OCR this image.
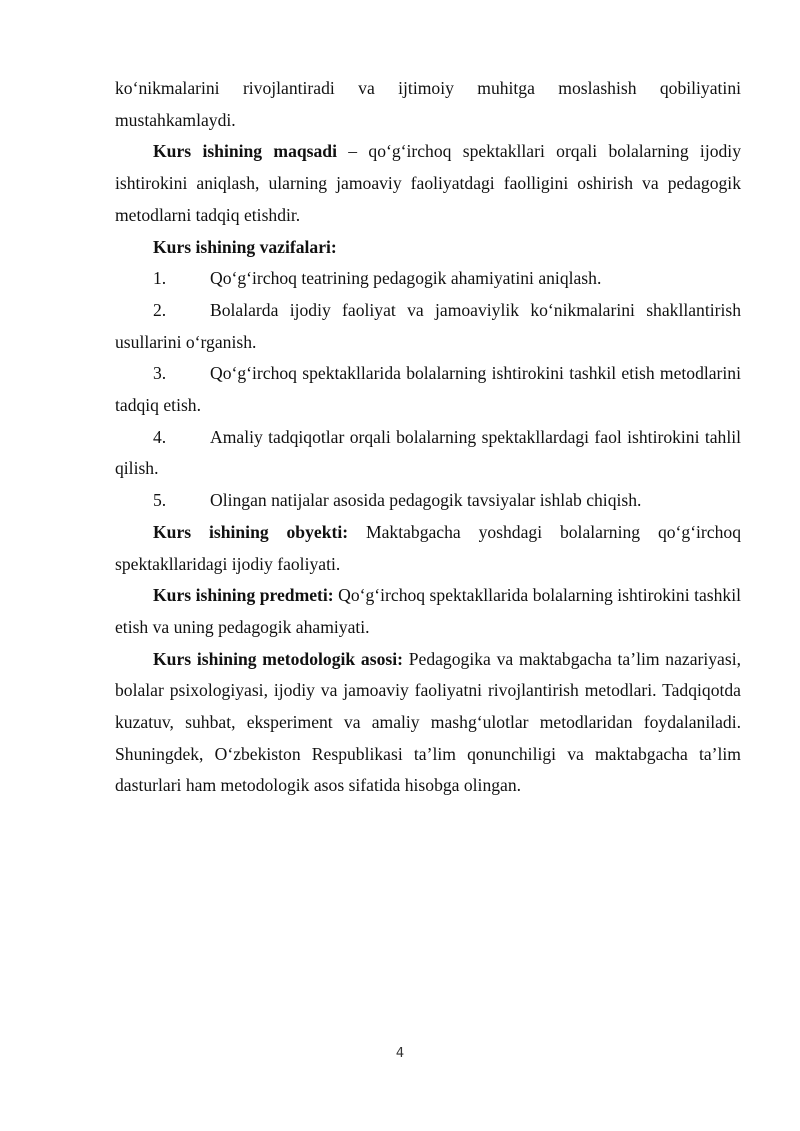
ko‘nikmalarini rivojlantiradi va ijtimoiy muhitga moslashish qobiliyatini mustahkamlaydi.

Kurs ishining maqsadi – qo‘g‘irchoq spektakllari orqali bolalarning ijodiy ishtirokini aniqlash, ularning jamoaviy faoliyatdagi faolligini oshirish va pedagogik metodlarni tadqiq etishdir.

Kurs ishining vazifalari:

1. Qo‘g‘irchoq teatrining pedagogik ahamiyatini aniqlash.

2. Bolalarda ijodiy faoliyat va jamoaviylik ko‘nikmalarini shakllantirish usullarini o‘rganish.

3. Qo‘g‘irchoq spektakllarida bolalarning ishtirokini tashkil etish metodlarini tadqiq etish.

4. Amaliy tadqiqotlar orqali bolalarning spektakllardagi faol ishtirokini tahlil qilish.

5. Olingan natijalar asosida pedagogik tavsiyalar ishlab chiqish.

Kurs ishining obyekti: Maktabgacha yoshdagi bolalarning qo‘g‘irchoq spektakllaridagi ijodiy faoliyati.

Kurs ishining predmeti: Qo‘g‘irchoq spektakllarida bolalarning ishtirokini tashkil etish va uning pedagogik ahamiyati.

Kurs ishining metodologik asosi: Pedagogika va maktabgacha ta’lim nazariyasi, bolalar psixologiyasi, ijodiy va jamoaviy faoliyatni rivojlantirish metodlari. Tadqiqotda kuzatuv, suhbat, eksperiment va amaliy mashg‘ulotlar metodlaridan foydalaniladi. Shuningdek, O‘zbekiston Respublikasi ta’lim qonunchiligi va maktabgacha ta’lim dasturlari ham metodologik asos sifatida hisobga olingan.

4
